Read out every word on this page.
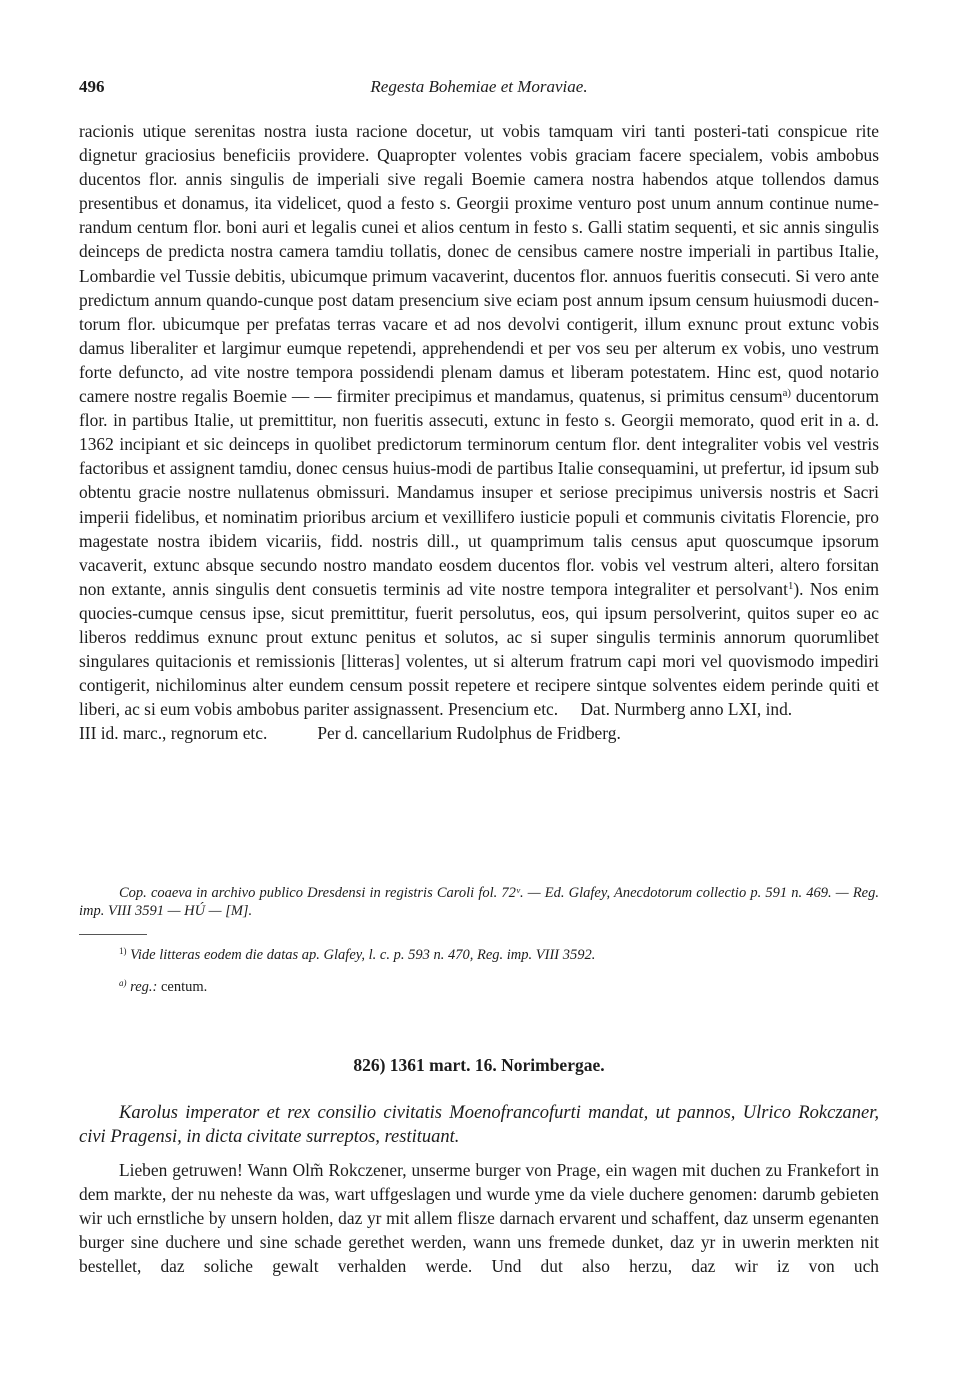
496	Regesta Bohemiae et Moraviae.

racionis utique serenitas nostra iusta racione docetur, ut vobis tamquam viri tanti posteri-tati conspicue rite dignetur graciosius beneficiis providere. Quapropter volentes vobis graciam facere specialem, vobis ambobus ducentos flor. annis singulis de imperiali sive regali Boemie camera nostra habendos atque tollendos damus presentibus et donamus, ita videlicet, quod a festo s. Georgii proxime venturo post unum annum continue nume-randum centum flor. boni auri et legalis cunei et alios centum in festo s. Galli statim sequenti, et sic annis singulis deinceps de predicta nostra camera tamdiu tollatis, donec de censibus camere nostre imperiali in partibus Italie, Lombardie vel Tussie debitis, ubicumque primum vacaverint, ducentos flor. annuos fueritis consecuti. Si vero ante predictum annum quando-cunque post datam presencium sive eciam post annum ipsum censum huiusmodi ducen-torum flor. ubicumque per prefatas terras vacare et ad nos devolvi contigerit, illum exnunc prout extunc vobis damus liberaliter et largimur eumque repetendi, apprehendendi et per vos seu per alterum ex vobis, uno vestrum forte defuncto, ad vite nostre tempora possidendi plenam damus et liberam potestatem. Hinc est, quod notario camere nostre regalis Boemie — — firmiter precipimus et mandamus, quatenus, si primitus censum$^{a)}$ ducentorum flor. in partibus Italie, ut premittitur, non fueritis assecuti, extunc in festo s. Georgii memorato, quod erit in a. d. 1362 incipiant et sic deinceps in quolibet predictorum terminorum centum flor. dent integraliter vobis vel vestris factoribus et assignent tamdiu, donec census huius-modi de partibus Italie consequamini, ut prefertur, id ipsum sub obtentu gracie nostre nullatenus obmissuri. Mandamus insuper et seriose precipimus universis nostris et Sacri imperii fidelibus, et nominatim prioribus arcium et vexillifero iusticie populi et communis civitatis Florencie, pro magestate nostra ibidem vicariis, fidd. nostris dill., ut quamprimum talis census aput quoscumque ipsorum vacaverit, extunc absque secundo nostro mandato eosdem ducentos flor. vobis vel vestrum alteri, altero forsitan non extante, annis singulis dent consuetis terminis ad vite nostre tempora integraliter et persolvant$^1$). Nos enim quocies-cumque census ipse, sicut premittitur, fuerit persolutus, eos, qui ipsum persolverint, quitos super eo ac liberos reddimus exnunc prout extunc penitus et solutos, ac si super singulis terminis annorum quorumlibet singulares quitacionis et remissionis [litteras] volentes, ut si alterum fratrum capi mori vel quovismodo impediri contigerit, nichilominus alter eundem censum possit repetere et recipere sintque solventes eidem perinde quiti et liberi, ac si eum vobis ambobus pariter assignassent. Presencium etc. Dat. Nurmberg anno LXI, ind.

III id. marc., regnorum etc.	Per d. cancellarium Rudolphus de Fridberg.

Cop. coaeva in archivo publico Dresdensi in registris Caroli fol. 72ᵛ. — Ed. Glafey, Anecdotorum collectio p. 591 n. 469. — Reg. imp. VIII 3591 — HÚ — [M].

$^{1)}$ Vide litteras eodem die datas ap. Glafey, l. c. p. 593 n. 470, Reg. imp. VIII 3592.

$^{a)}$ reg.: centum.

826) 1361 mart. 16. Norimbergae.

Karolus imperator et rex consilio civitatis Moenofrancofurti mandat, ut pannos, Ulrico Rokczaner, civi Pragensi, in dicta civitate surreptos, restituant.

Lieben getruwen! Wann Olm̃ Rokczener, unserme burger von Prage, ein wagen mit duchen zu Frankefort in dem markte, der nu neheste da was, wart uffgeslagen und wurde yme da viele duchere genomen: darumb gebieten wir uch ernstliche by unsern holden, daz yr mit allem flisze darnach ervarent und schaffent, daz unserm egenanten burger sine duchere und sine schade gerethet werden, wann uns fremede dunket, daz yr in uwerin merkten nit bestellet, daz soliche gewalt verhalden werde. Und dut also herzu, daz wir iz von uch
